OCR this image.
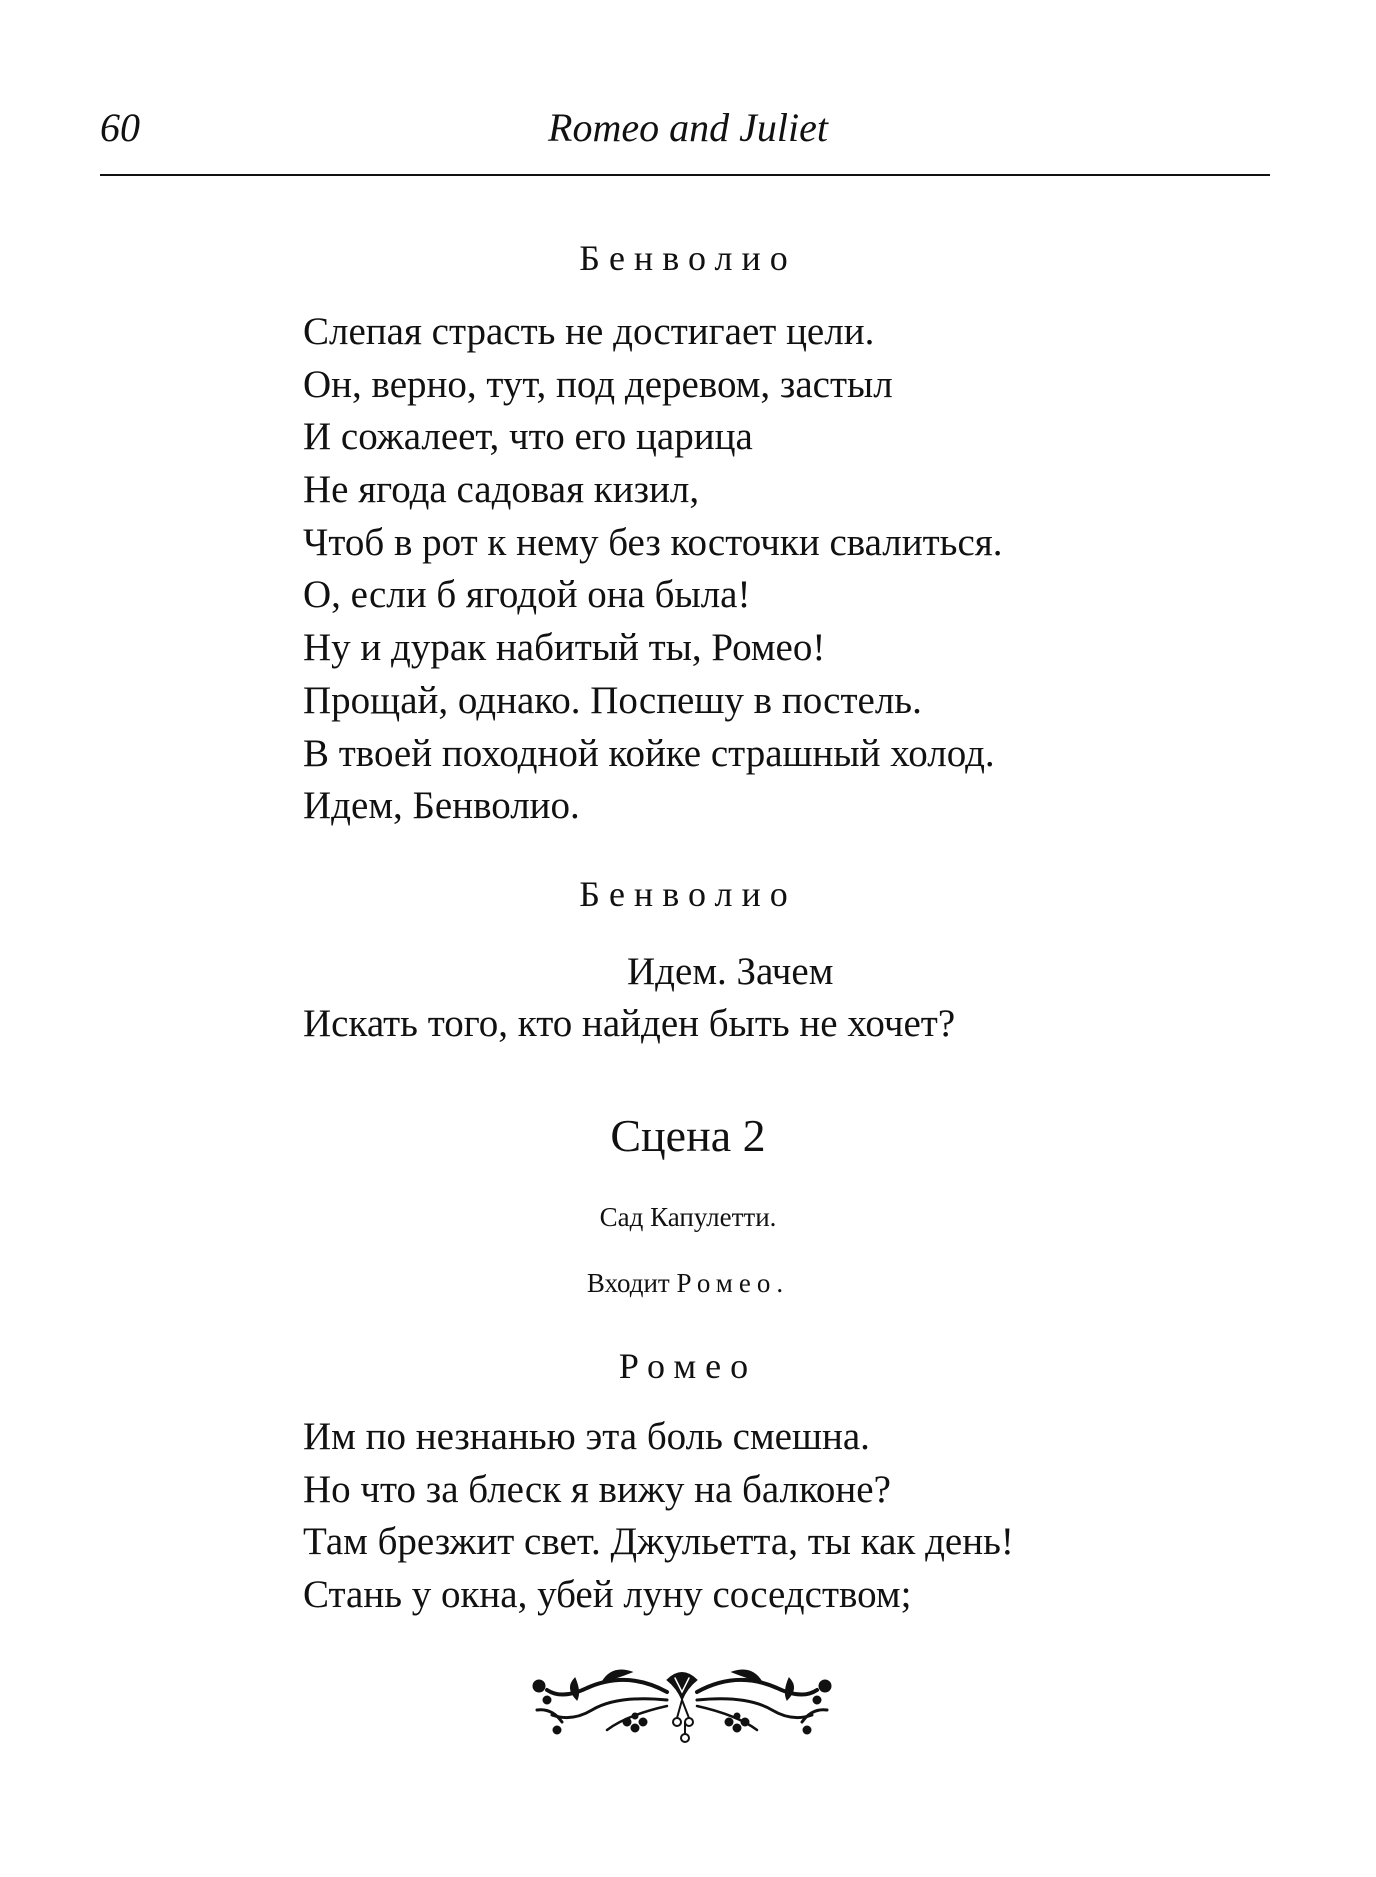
60	Romeo and Juliet
Бенволио
Слепая страсть не достигает цели.
Он, верно, тут, под деревом, застыл
И сожалеет, что его царица
Не ягода садовая кизил,
Чтоб в рот к нему без косточки свалиться.
О, если б ягодой она была!
Ну и дурак набитый ты, Ромео!
Прощай, однако. Поспешу в постель.
В твоей походной койке страшный холод.
Идем, Бенволио.
Бенволио
Идем. Зачем
Искать того, кто найден быть не хочет?
Сцена 2
Сад Капулетти.
Входит Ромео.
Ромео
Им по незнанью эта боль смешна.
Но что за блеск я вижу на балконе?
Там брезжит свет. Джульетта, ты как день!
Стань у окна, убей луну соседством;
